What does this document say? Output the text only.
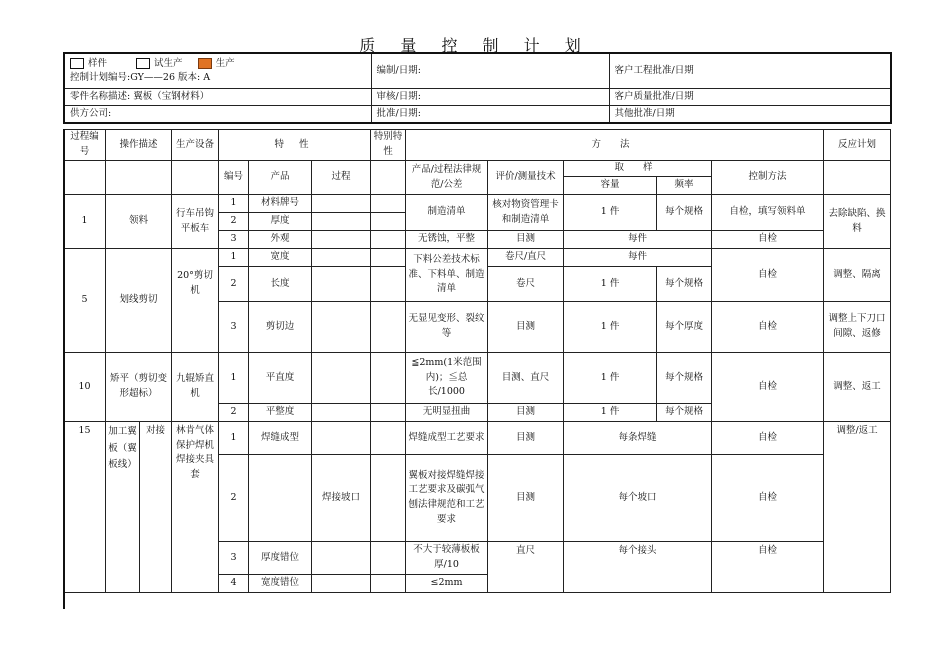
质 量 控 制 计 划
样件 试生产 生产
控制计划编号:GY——26 版本: A	编制/日期:	客户工程批准/日期
零件名称描述: 翼板（宝钢材料）	审核/日期:	客户质量批准/日期
供方公司:	批准/日期:	其他批准/日期
过程编号	操作描述		生产设备	特 性			特别特性	方 法					反应计划
				编号	产品	过程		产品/过程法律规范/公差	评价/测量技术	取 样		控制方法	
										容量	频率		
1	领料		行车吊钩平板车	1	材料牌号			制造清单	核对物资管理卡和制造清单	1 件	每个规格	自检，填写领料单	去除缺陷、换料
				2	厚度								
				3	外观			无锈蚀，平整	目测	每件		自检	
5	划线剪切		20°剪切机	1	宽度			下料公差技术标准、下料单、制造清单	卷尺/直尺	每件		自检	调整、隔离
				2	长度				卷尺	1 件	每个规格		
				3	剪切边			无显见变形、裂纹等	目测	1 件	每个厚度	自检	调整上下刀口间隙、返修
10	矫平（剪切变形超标）		九辊矫直机	1	平直度			≦2mm(1米范围内)；≦总长/1000	目测、直尺	1 件	每个规格	自检	调整、返工
				2	平整度			无明显扭曲	目测	1 件	每个规格		
15	加工翼板（翼板线）	对接	林肯气体保护焊机焊接夹具套	1	焊缝成型			焊缝成型工艺要求	目测	每条焊缝		自检	调整/返工
				2		焊接坡口		翼板对接焊缝焊接工艺要求及碳弧气刨法律规范和工艺要求	目测	每个坡口		自检	
				3	厚度错位			不大于较薄板板厚/10	直尺	每个接头		自检	
				4	宽度错位			≤2mm					
